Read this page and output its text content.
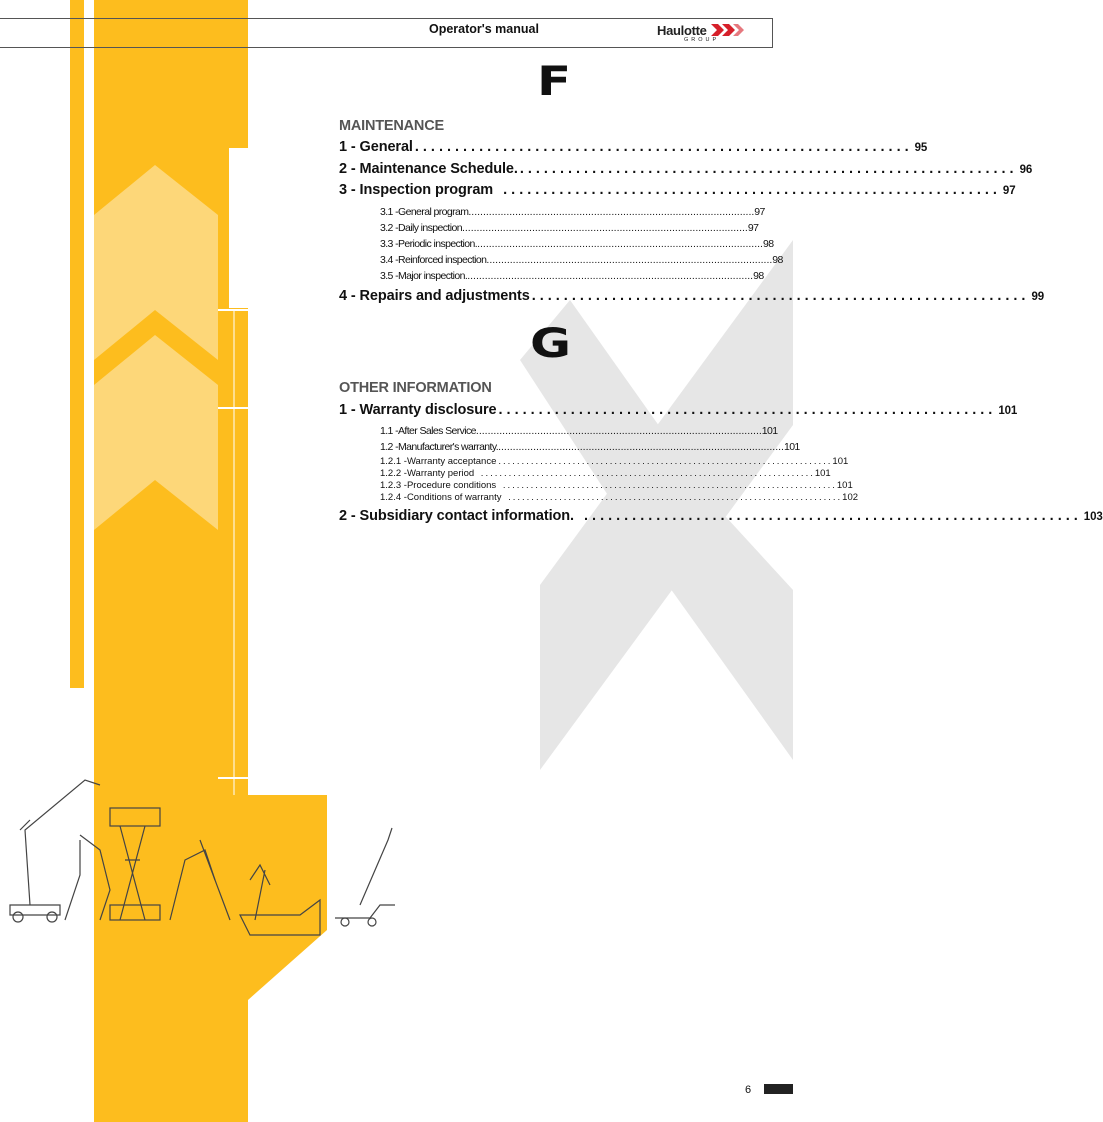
Operator's manual	Haulotte
GROUP
F
MAINTENANCE
1 - General .............................................................. 95
2 - Maintenance Schedule. .............................................................. 96
3 - Inspection program .............................................................. 97
3.1 - General program .................................................................................................. 97
3.2 - Daily inspection .................................................................................................. 97
3.3 - Periodic inspection. .................................................................................................. 98
3.4 - Reinforced inspection .................................................................................................. 98
3.5 - Major inspection. .................................................................................................. 98
4 - Repairs and adjustments .............................................................. 99
G
OTHER INFORMATION
1 - Warranty disclosure .............................................................. 101
1.1 - After Sales Service .................................................................................................. 101
1.2 - Manufacturer's warranty. .................................................................................................. 101
1.2.1 - Warranty acceptance ........................................................................ 101
1.2.2 - Warranty period ........................................................................ 101
1.2.3 - Procedure conditions ........................................................................ 101
1.2.4 - Conditions of warranty ........................................................................ 102
2 - Subsidiary contact information. .............................................................. 103
6
